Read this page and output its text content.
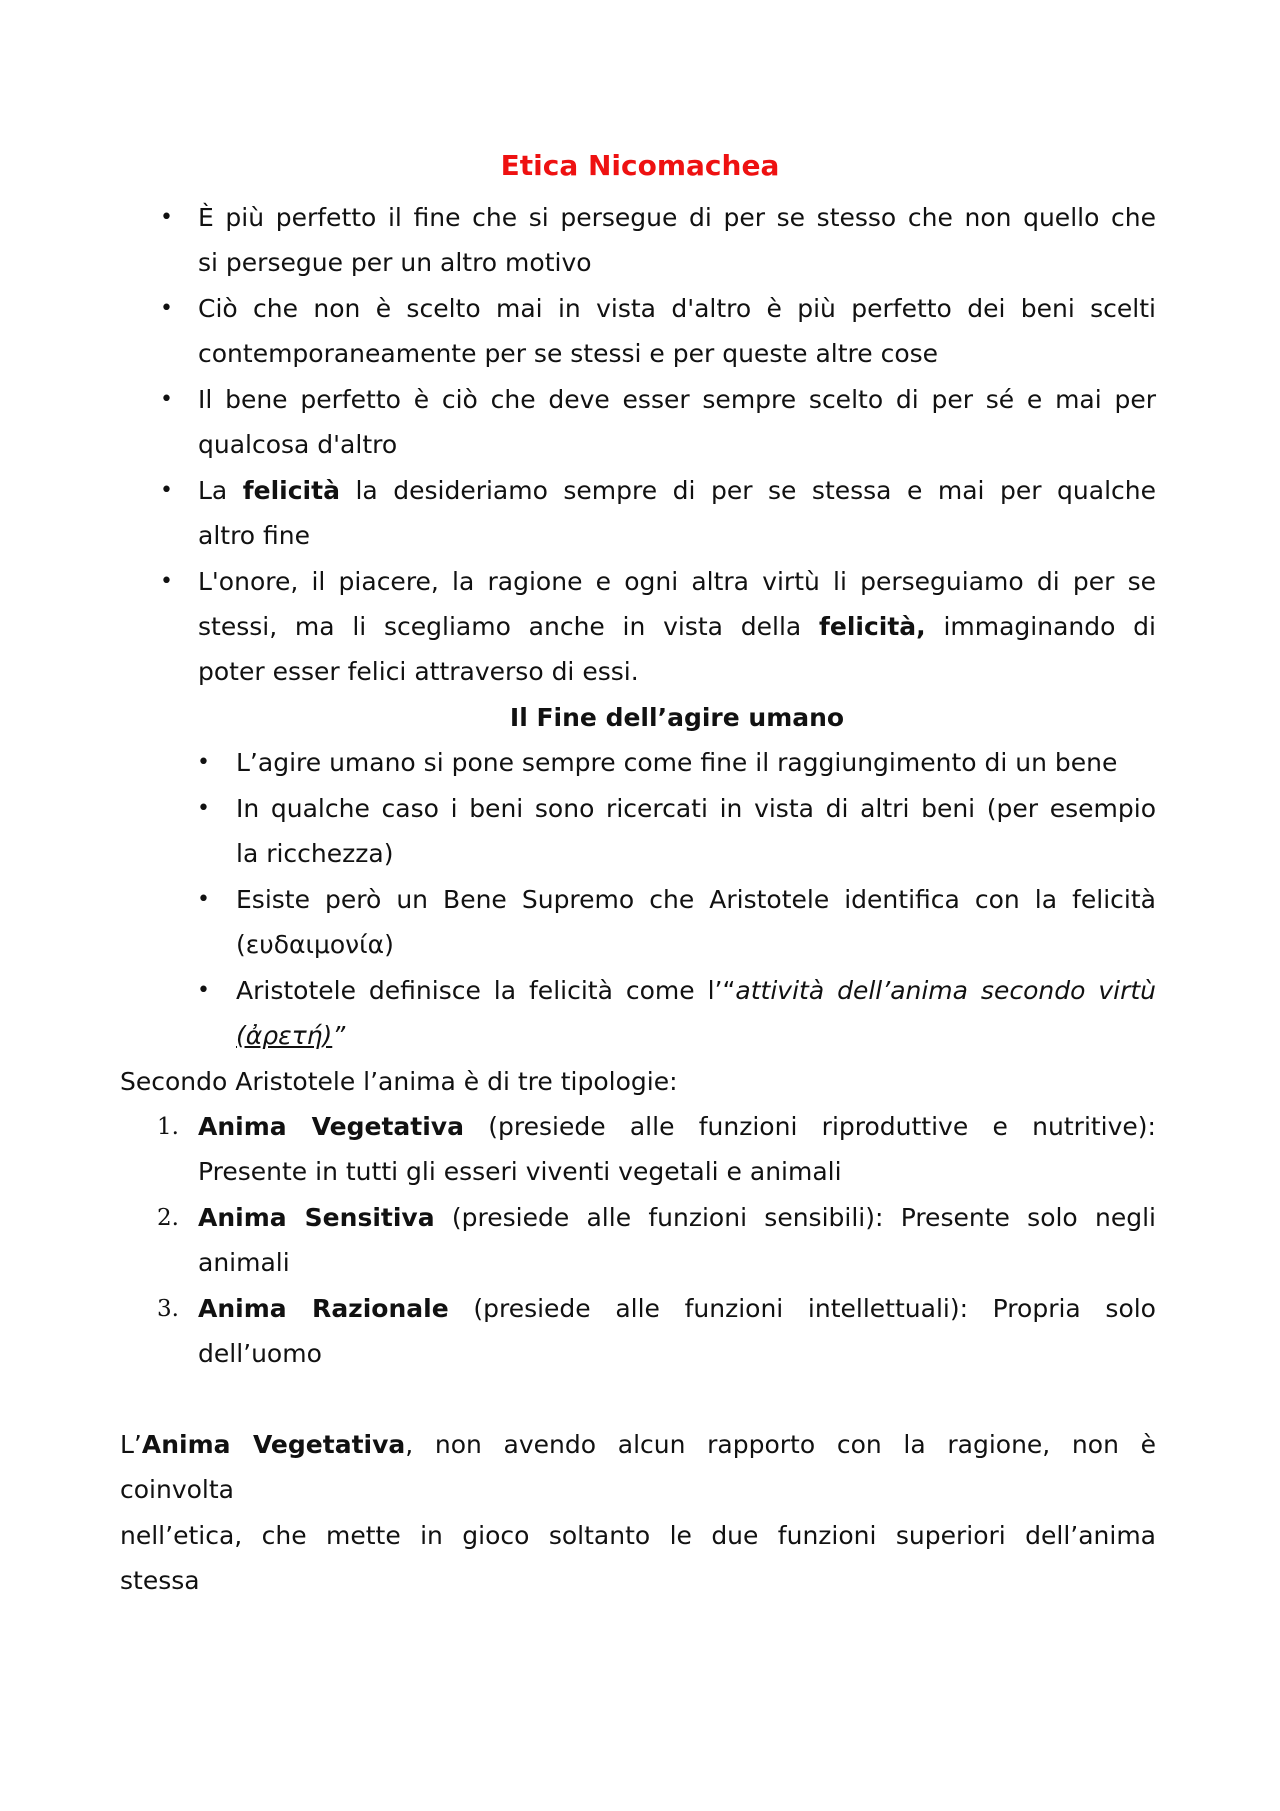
Etica Nicomachea
• È più perfetto il fine che si persegue di per se stesso che non quello che
si persegue per un altro motivo
• Ciò che non è scelto mai in vista d'altro è più perfetto dei beni scelti
contemporaneamente per se stessi e per queste altre cose
• Il bene perfetto è ciò che deve esser sempre scelto di per sé e mai per
qualcosa d'altro
• La felicità la desideriamo sempre di per se stessa e mai per qualche
altro fine
• L'onore, il piacere, la ragione e ogni altra virtù li perseguiamo di per se
stessi, ma li scegliamo anche in vista della felicità, immaginando di
poter esser felici attraverso di essi.
Il Fine dell’agire umano
• L’agire umano si pone sempre come fine il raggiungimento di un bene
• In qualche caso i beni sono ricercati in vista di altri beni (per esempio
la ricchezza)
• Esiste però un Bene Supremo che Aristotele identifica con la felicità
(ευδαιμονία)
• Aristotele definisce la felicità come l’“attività dell’anima secondo virtù
(ἀρετή)”
Secondo Aristotele l’anima è di tre tipologie:
1. Anima Vegetativa (presiede alle funzioni riproduttive e nutritive):
Presente in tutti gli esseri viventi vegetali e animali
2. Anima Sensitiva (presiede alle funzioni sensibili): Presente solo negli
animali
3. Anima Razionale (presiede alle funzioni intellettuali): Propria solo
dell’uomo
L’Anima Vegetativa, non avendo alcun rapporto con la ragione, non è
coinvolta
nell’etica, che mette in gioco soltanto le due funzioni superiori dell’anima
stessa
